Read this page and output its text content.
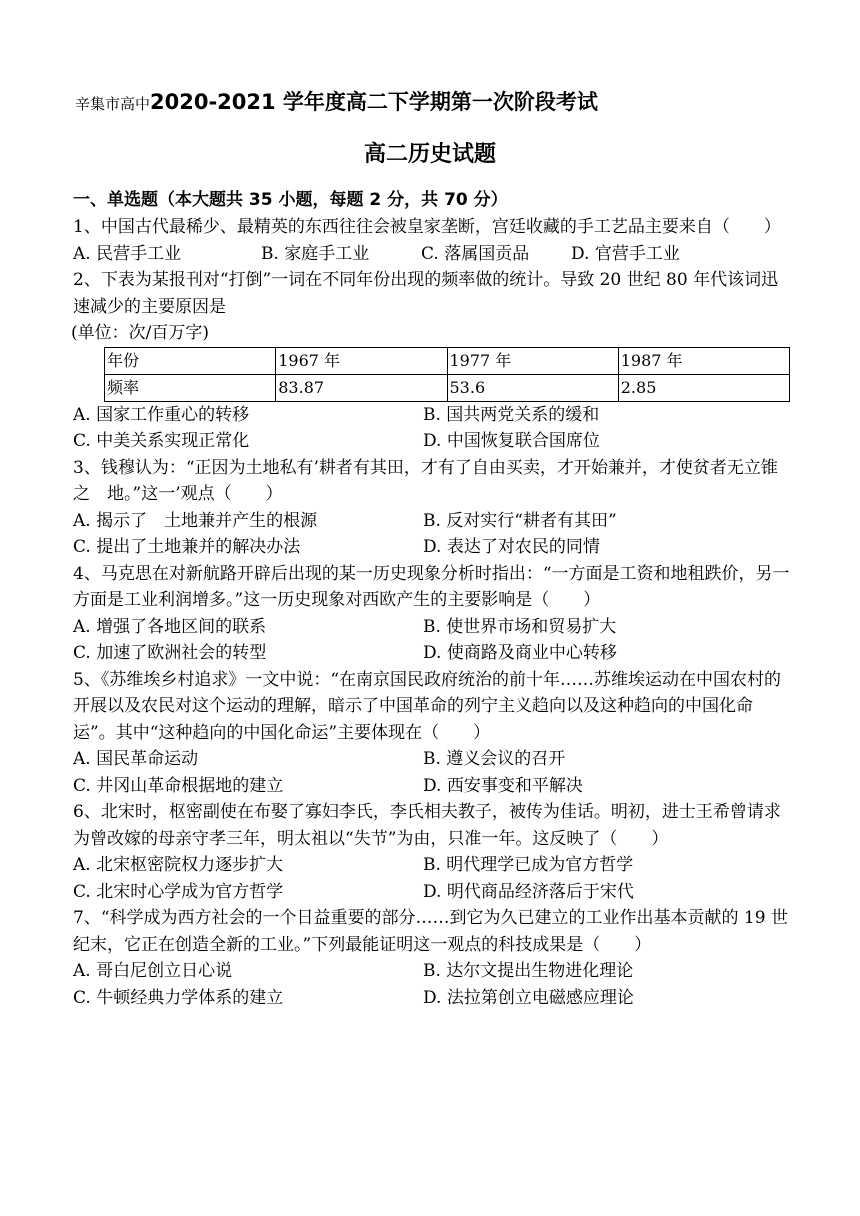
辛集市高中2020-2021 学年度高二下学期第一次阶段考试
高二历史试题
一、单选题（本大题共 35 小题，每题 2 分，共 70 分）

1、中国古代最稀少、最精英的东西往往会被皇家垄断，宫廷收藏的手工艺品主要来自（　　）

A. 民营手工业	B. 家庭手工业	C. 落属国贡品	D. 官营手工业

2、下表为某报刊对“打倒”一词在不同年份出现的频率做的统计。导致 20 世纪 80 年代该词迅速减少的主要原因是

(单位：次/百万字)

年份	1967 年	1977 年	1987 年
频率	83.87	53.6	2.85
A. 国家工作重心的转移	B. 国共两党关系的缓和
C. 中美关系实现正常化	D. 中国恢复联合国席位

3、钱穆认为：“正因为土地私有’耕者有其田，才有了自由买卖，才开始兼并，才使贫者无立锥之　地。”这一’观点（　　）

A. 揭示了　土地兼并产生的根源	B. 反对实行“耕者有其田”
C. 提出了土地兼并的解决办法	D. 表达了对农民的同情

4、马克思在对新航路开辟后出现的某一历史现象分析时指出：“一方面是工资和地租跌价，另一方面是工业利润增多。”这一历史现象对西欧产生的主要影响是（　　）

A. 增强了各地区间的联系	B. 使世界市场和贸易扩大
C. 加速了欧洲社会的转型	D. 使商路及商业中心转移

5、《苏维埃乡村追求》一文中说：“在南京国民政府统治的前十年……苏维埃运动在中国农村的开展以及农民对这个运动的理解，暗示了中国革命的列宁主义趋向以及这种趋向的中国化命运”。其中“这种趋向的中国化命运”主要体现在（　　）

A. 国民革命运动	B. 遵义会议的召开
C. 井冈山革命根据地的建立	D. 西安事变和平解决

6、北宋时，枢密副使在布娶了寡妇李氏，李氏相夫教子，被传为佳话。明初，进士王希曾请求为曾改嫁的母亲守孝三年，明太祖以“失节”为由，只准一年。这反映了（　　）

A. 北宋枢密院权力逐步扩大	B. 明代理学已成为官方哲学
C. 北宋时心学成为官方哲学	D. 明代商品经济落后于宋代

7、“科学成为西方社会的一个日益重要的部分……到它为久已建立的工业作出基本贡献的 19 世纪末，它正在创造全新的工业。”下列最能证明这一观点的科技成果是（　　）

A. 哥白尼创立日心说	B. 达尔文提出生物进化理论
C. 牛顿经典力学体系的建立	D. 法拉第创立电磁感应理论
